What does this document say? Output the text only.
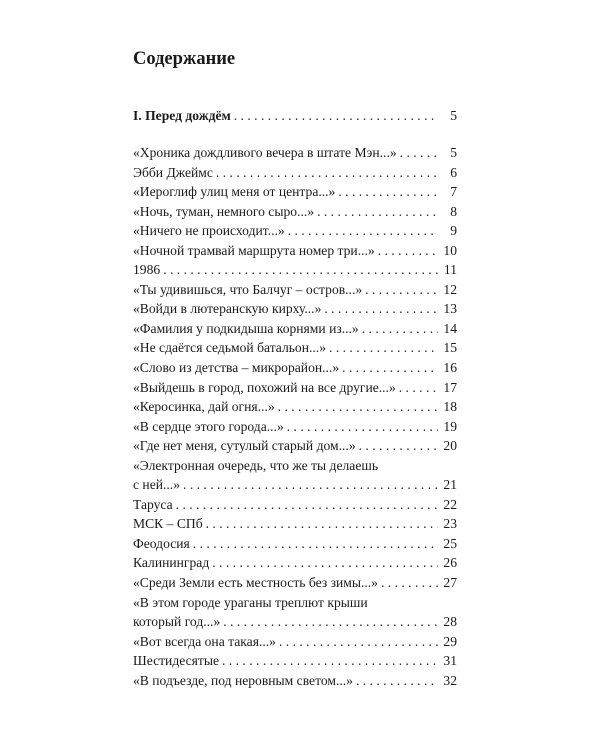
Содержание
I. Перед дождём . . .	5
«Хроника дождливого вечера в штате Мэн...» . . .	5
Эбби Джеймс . . .	6
«Иероглиф улиц меня от центра...» . . .	7
«Ночь, туман, немного сыро...» . . .	8
«Ничего не происходит...» . . .	9
«Ночной трамвай маршрута номер три...» . . .	10
1986 . . .	11
«Ты удивишься, что Балчуг – остров...» . . .	12
«Войди в лютеранскую кирху...» . . .	13
«Фамилия у подкидыша корнями из...» . . .	14
«Не сдаётся седьмой батальон...» . . .	15
«Слово из детства – микрорайон...» . . .	16
«Выйдешь в город, похожий на все другие...» . . .	17
«Керосинка, дай огня...» . . .	18
«В сердце этого города...» . . .	19
«Где нет меня, сутулый старый дом...» . . .	20
«Электронная очередь, что же ты делаешь
с ней...» . . .	21
Таруса . . .	22
МСК – СПб . . .	23
Феодосия . . .	25
Калининград . . .	26
«Среди Земли есть местность без зимы...» . . .	27
«В этом городе ураганы треплют крыши
который год...» . . .	28
«Вот всегда она такая...» . . .	29
Шестидесятые . . .	31
«В подъезде, под неровным светом...» . . .	32
